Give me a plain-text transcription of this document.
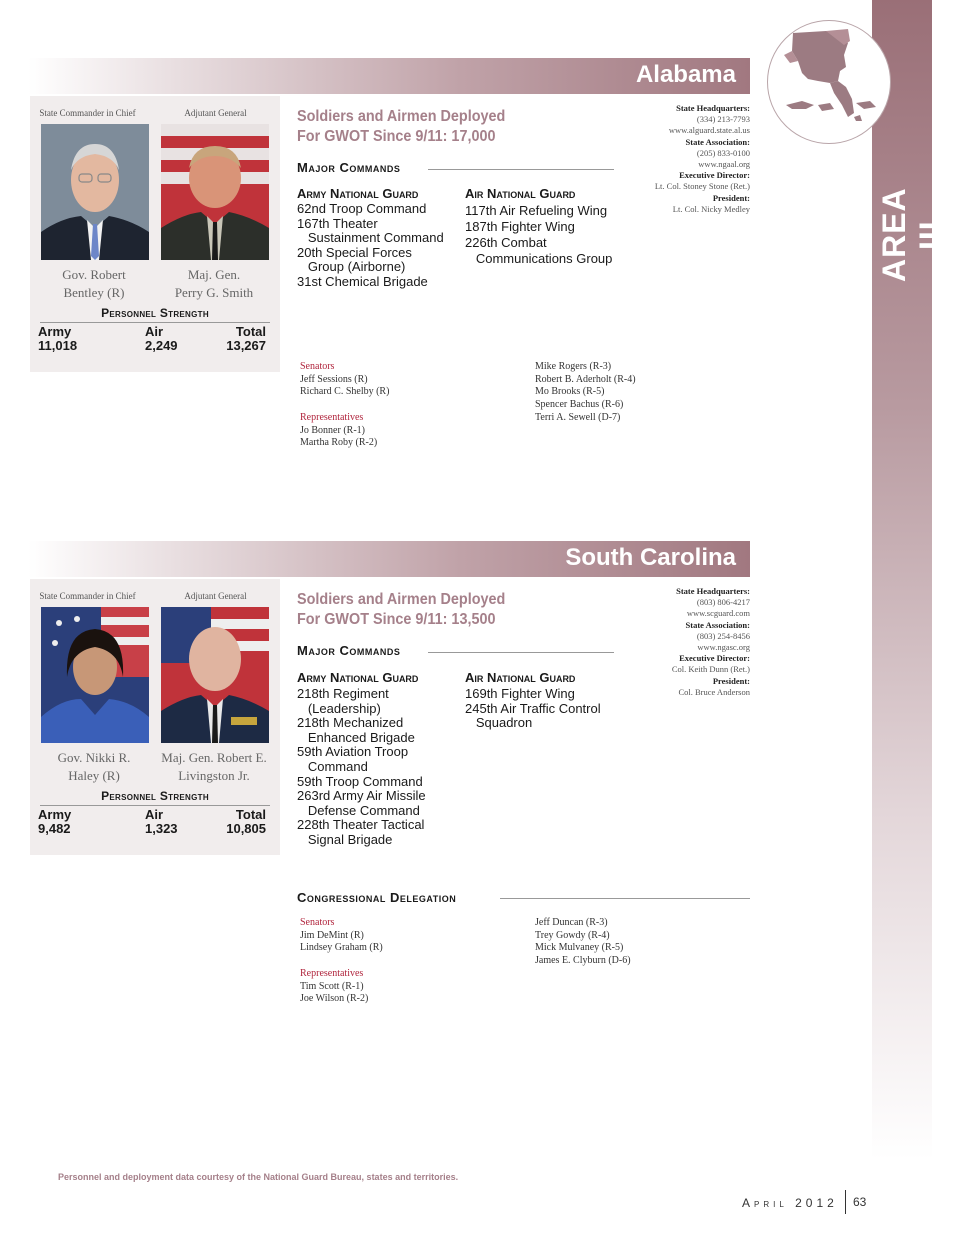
AREA III
Alabama
State Commander in Chief	Adjutant General
Gov. Robert
Bentley (R)
Maj. Gen.
Perry G. Smith
Personnel Strength
Army	Air	Total
11,018	2,249	13,267
Soldiers and Airmen Deployed
For GWOT Since 9/11: 17,000
Major Commands
Army National Guard
62nd Troop Command
167th Theater
Sustainment Command
20th Special Forces
Group (Airborne)
31st Chemical Brigade
Air National Guard
117th Air Refueling Wing
187th Fighter Wing
226th Combat
Communications Group
State Headquarters:
(334) 213-7793
www.alguard.state.al.us
State Association:
(205) 833-0100
www.ngaal.org
Executive Director:
Lt. Col. Stoney Stone (Ret.)
President:
Lt. Col. Nicky Medley
Senators
Jeff Sessions (R)
Richard C. Shelby (R)
Representatives
Jo Bonner (R-1)
Martha Roby (R-2)
Mike Rogers (R-3)
Robert B. Aderholt (R-4)
Mo Brooks (R-5)
Spencer Bachus (R-6)
Terri A. Sewell (D-7)
South Carolina
State Commander in Chief	Adjutant General
Gov. Nikki R.
Haley (R)
Maj. Gen. Robert E.
Livingston Jr.
Personnel Strength
Army	Air	Total
9,482	1,323	10,805
Soldiers and Airmen Deployed
For GWOT Since 9/11: 13,500
Major Commands
Army National Guard
218th Regiment
(Leadership)
218th Mechanized
Enhanced Brigade
59th Aviation Troop
Command
59th Troop Command
263rd Army Air Missile
Defense Command
228th Theater Tactical
Signal Brigade
Air National Guard
169th Fighter Wing
245th Air Traffic Control
Squadron
State Headquarters:
(803) 806-4217
www.scguard.com
State Association:
(803) 254-8456
www.ngasc.org
Executive Director:
Col. Keith Dunn (Ret.)
President:
Col. Bruce Anderson
Congressional Delegation
Senators
Jim DeMint (R)
Lindsey Graham (R)
Representatives
Tim Scott (R-1)
Joe Wilson (R-2)
Jeff Duncan (R-3)
Trey Gowdy (R-4)
Mick Mulvaney (R-5)
James E. Clyburn (D-6)
Personnel and deployment data courtesy of the National Guard Bureau, states and territories.
April 2012 63
